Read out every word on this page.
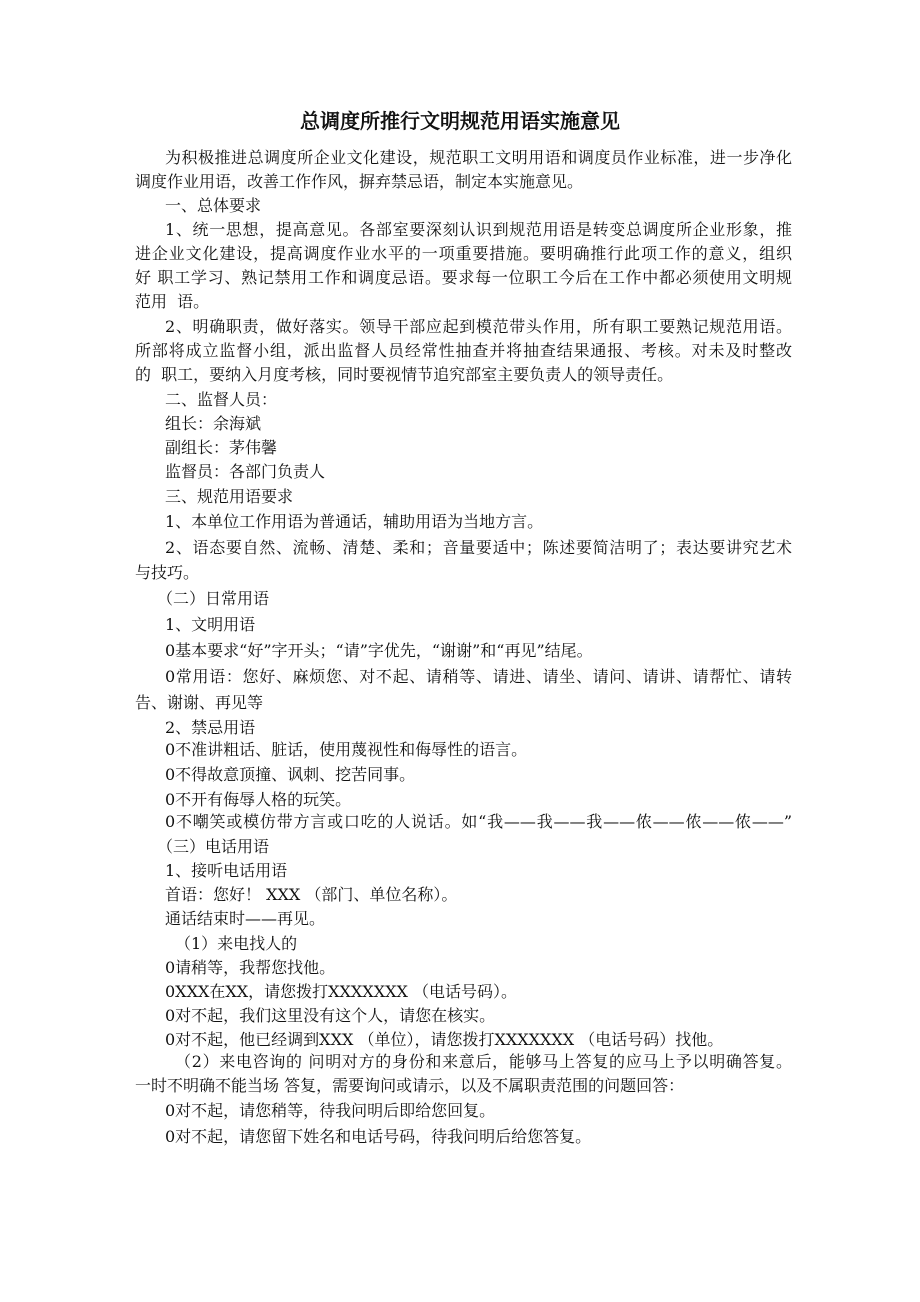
总调度所推行文明规范用语实施意见
为积极推进总调度所企业文化建设，规范职工文明用语和调度员作业标准，进一步净化
调度作业用语，改善工作作风，摒弃禁忌语，制定本实施意见。
一、总体要求
1、统一思想，提高意见。各部室要深刻认识到规范用语是转变总调度所企业形象，推
进企业文化建设，提高调度作业水平的一项重要措施。要明确推行此项工作的意义，组织
好 职工学习、熟记禁用工作和调度忌语。要求每一位职工今后在工作中都必须使用文明规
范用  语。
2、明确职责，做好落实。领导干部应起到模范带头作用，所有职工要熟记规范用语。
所部将成立监督小组，派出监督人员经常性抽查并将抽查结果通报、考核。对未及时整改
的  职工，要纳入月度考核，同时要视情节追究部室主要负责人的领导责任。
二、监督人员：
组长：余海斌
副组长：茅伟馨
监督员：各部门负责人
三、规范用语要求
1、本单位工作用语为普通话，辅助用语为当地方言。
2、语态要自然、流畅、清楚、柔和；音量要适中；陈述要简洁明了；表达要讲究艺术
与技巧。
（二）日常用语
1、文明用语
0基本要求“好”字开头；“请”字优先，“谢谢”和“再见”结尾。
0常用语：您好、麻烦您、对不起、请稍等、请进、请坐、请问、请讲、请帮忙、请转
告、谢谢、再见等
2、禁忌用语
0不准讲粗话、脏话，使用蔑视性和侮辱性的语言。
0不得故意顶撞、讽刺、挖苦同事。
0不开有侮辱人格的玩笑。
0不嘲笑或模仿带方言或口吃的人说话。如“我——我——我——侬——侬——侬——”
（三）电话用语
1、接听电话用语
首语：您好！ XXX （部门、单位名称）。
通话结束时——再见。
（1）来电找人的
0请稍等，我帮您找他。
0XXX在XX，请您拨打XXXXXXX （电话号码）。
0对不起，我们这里没有这个人，请您在核实。
0对不起，他已经调到XXX （单位），请您拨打XXXXXXX （电话号码）找他。
（2）来电咨询的 问明对方的身份和来意后，能够马上答复的应马上予以明确答复。
一时不明确不能当场 答复，需要询问或请示，以及不属职责范围的问题回答：
0对不起，请您稍等，待我问明后即给您回复。
0对不起，请您留下姓名和电话号码，待我问明后给您答复。
